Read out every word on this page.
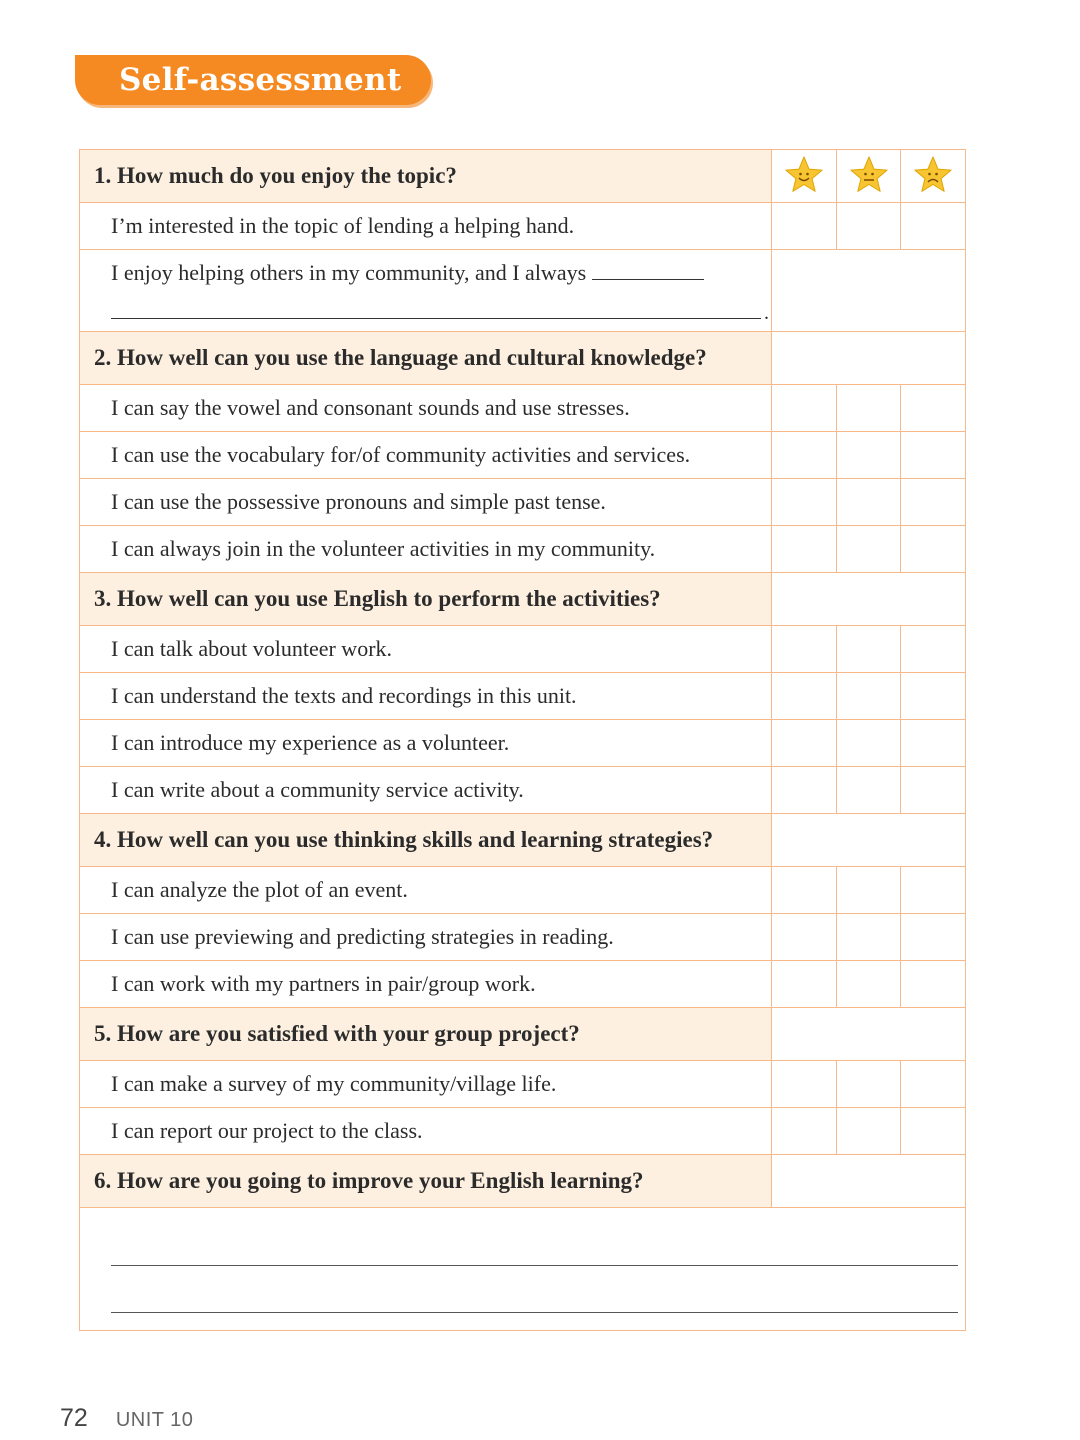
Self-assessment
1. How much do you enjoy the topic?	

I’m interested in the topic of lending a helping hand.			

I enjoy helping others in my community, and I always
.			

2. How well can you use the language and cultural knowledge?			
I can say the vowel and consonant sounds and use stresses.			
I can use the vocabulary for/of community activities and services.			
I can use the possessive pronouns and simple past tense.			
I can always join in the volunteer activities in my community.			
3. How well can you use English to perform the activities?			
I can talk about volunteer work.			
I can understand the texts and recordings in this unit.			
I can introduce my experience as a volunteer.			
I can write about a community service activity.			
4. How well can you use thinking skills and learning strategies?			
I can analyze the plot of an event.			
I can use previewing and predicting strategies in reading.			
I can work with my partners in pair/group work.			
5. How are you satisfied with your group project?			
I can make a survey of my community/village life.			
I can report our project to the class.			
6. How are you going to improve your English learning?			

72 UNIT 10
